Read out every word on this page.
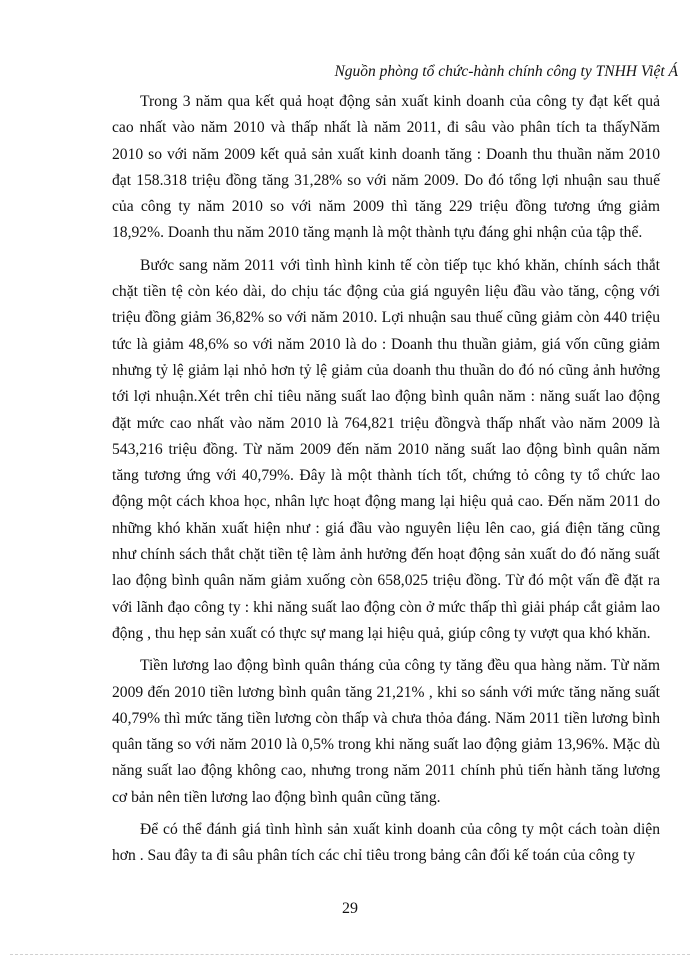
Nguồn phòng tổ chức-hành chính công ty TNHH Việt Á

Trong 3 năm qua kết quả hoạt động sản xuất kinh doanh của công ty đạt kết quả cao nhất vào năm 2010 và thấp nhất là năm 2011, đi sâu vào phân tích ta thấyNăm 2010 so với năm 2009 kết quả sản xuất kinh doanh tăng : Doanh thu thuần năm 2010 đạt 158.318 triệu đồng tăng 31,28% so với năm 2009. Do đó tổng lợi nhuận sau thuế của công ty năm 2010 so với năm 2009 thì tăng 229 triệu đồng tương ứng giảm 18,92%. Doanh thu năm 2010 tăng mạnh là một thành tựu đáng ghi nhận của tập thể.

Bước sang năm 2011 với tình hình kinh tế còn tiếp tục khó khăn, chính sách thắt chặt tiền tệ còn kéo dài, do chịu tác động của giá nguyên liệu đầu vào tăng, cộng với triệu đồng giảm 36,82% so với năm 2010. Lợi nhuận sau thuế cũng giảm còn 440 triệu tức là giảm 48,6% so với năm 2010 là do : Doanh thu thuần giảm, giá vốn cũng giảm nhưng tỷ lệ giảm lại nhỏ hơn tỷ lệ giảm của doanh thu thuần do đó nó cũng ảnh hưởng tới lợi nhuận.Xét trên chỉ tiêu năng suất lao động bình quân năm : năng suất lao động đặt mức cao nhất vào năm 2010 là 764,821 triệu đồngvà thấp nhất vào năm 2009 là 543,216 triệu đồng. Từ năm 2009 đến năm 2010 năng suất lao động bình quân năm tăng tương ứng với 40,79%. Đây là một thành tích tốt, chứng tỏ công ty tổ chức lao động một cách khoa học, nhân lực hoạt động mang lại hiệu quả cao. Đến năm 2011 do những khó khăn xuất hiện như : giá đầu vào nguyên liệu lên cao, giá điện tăng cũng như chính sách thắt chặt tiền tệ làm ảnh hưởng đến hoạt động sản xuất do đó năng suất lao động bình quân năm giảm xuống còn 658,025 triệu đồng. Từ đó một vấn đề đặt ra với lãnh đạo công ty : khi năng suất lao động còn ở mức thấp thì giải pháp cắt giảm lao động , thu hẹp sản xuất có thực sự mang lại hiệu quả, giúp công ty vượt qua khó khăn.

Tiền lương lao động bình quân tháng của công ty tăng đều qua hàng năm. Từ năm 2009 đến 2010 tiền lương bình quân tăng 21,21% , khi so sánh với mức tăng năng suất 40,79% thì mức tăng tiền lương còn thấp và chưa thỏa đáng. Năm 2011 tiền lương bình quân tăng so với năm 2010 là 0,5% trong khi năng suất lao động giảm 13,96%. Mặc dù năng suất lao động không cao, nhưng trong năm 2011 chính phủ tiến hành tăng lương cơ bản nên tiền lương lao động bình quân cũng tăng.

Để có thể đánh giá tình hình sản xuất kinh doanh của công ty một cách toàn diện hơn . Sau đây ta đi sâu phân tích các chỉ tiêu trong bảng cân đối kế toán của công ty

29
